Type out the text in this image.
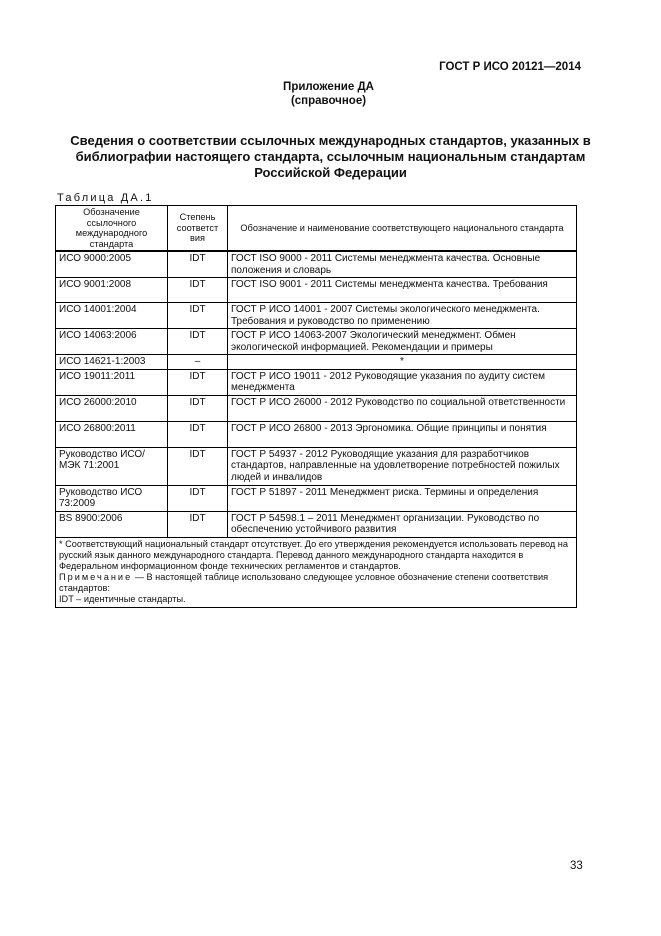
ГОСТ Р ИСО 20121—2014
Приложение ДА
(справочное)
Сведения о соответствии ссылочных международных стандартов, указанных в библиографии настоящего стандарта, ссылочным национальным стандартам Российской Федерации
Таблица ДА.1
Обозначение ссылочного международного стандарта	Степень соответст вия	Обозначение и наименование соответствующего национального стандарта
ИСО 9000:2005	IDT	ГОСТ ISO 9000 - 2011 Системы менеджмента качества. Основные положения и словарь
ИСО 9001:2008	IDT	ГОСТ ISO 9001 - 2011 Системы менеджмента качества. Требования
ИСО 14001:2004	IDT	ГОСТ Р ИСО 14001 - 2007 Системы экологического менеджмента. Требования и руководство по применению
ИСО 14063:2006	IDT	ГОСТ Р ИСО 14063-2007 Экологический менеджмент. Обмен экологической информацией. Рекомендации и примеры
ИСО 14621-1:2003	–	*
ИСО 19011:2011	IDT	ГОСТ Р ИСО 19011 - 2012 Руководящие указания по аудиту систем менеджмента
ИСО 26000:2010	IDT	ГОСТ Р ИСО 26000 - 2012 Руководство по социальной ответственности
ИСО 26800:2011	IDT	ГОСТ Р ИСО 26800 - 2013 Эргономика. Общие принципы и понятия
Руководство ИСО/МЭК 71:2001	IDT	ГОСТ Р 54937 - 2012 Руководящие указания для разработчиков стандартов, направленные на удовлетворение потребностей пожилых людей и инвалидов
Руководство ИСО 73:2009	IDT	ГОСТ Р 51897 - 2011 Менеджмент риска. Термины и определения
BS 8900:2006	IDT	ГОСТ Р 54598.1 – 2011 Менеджмент организации. Руководство по обеспечению устойчивого развития

* Соответствующий национальный стандарт отсутствует. До его утверждения рекомендуется использовать перевод на русский язык данного международного стандарта. Перевод данного международного стандарта находится в Федеральном информационном фонде технических регламентов и стандартов.
Примечание — В настоящей таблице использовано следующее условное обозначение степени соответствия стандартов:
IDT – идентичные стандарты.		
33
